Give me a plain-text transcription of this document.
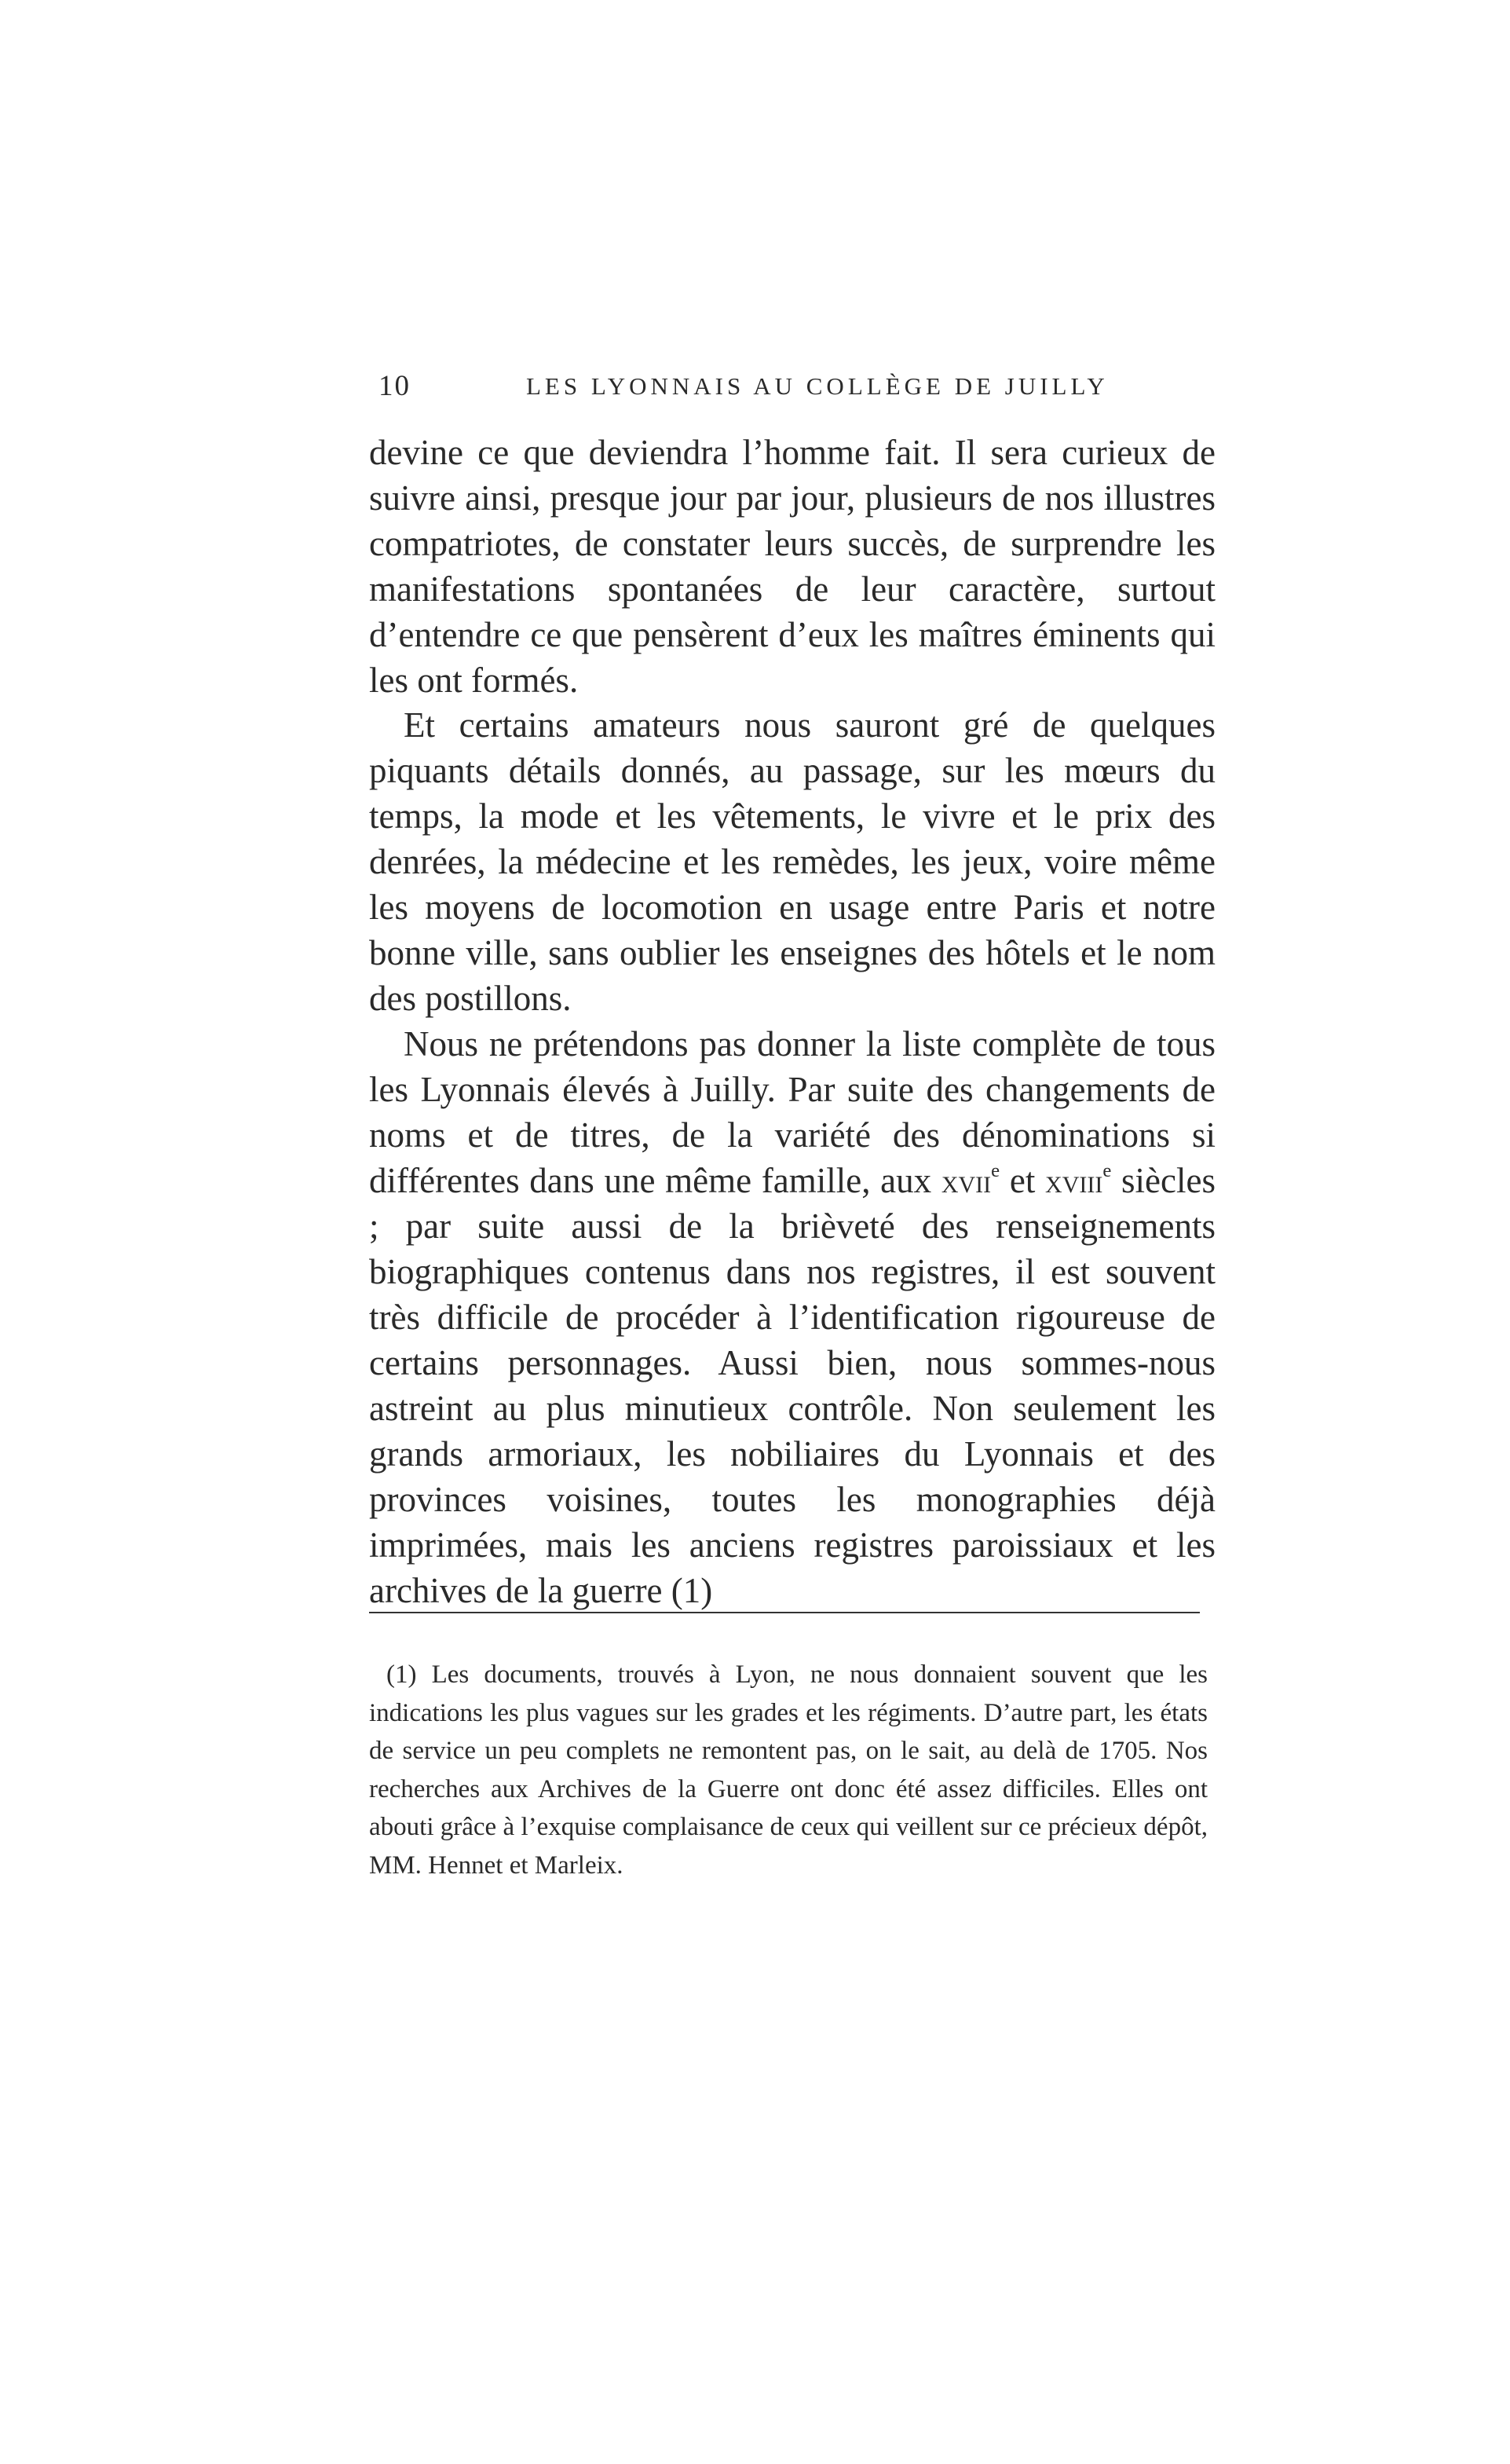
10	LES LYONNAIS AU COLLÈGE DE JUILLY

devine ce que deviendra l’homme fait. Il sera curieux de suivre ainsi, presque jour par jour, plusieurs de nos illustres compatriotes, de constater leurs succès, de surprendre les manifestations spontanées de leur caractère, surtout d’entendre ce que pensèrent d’eux les maîtres éminents qui les ont formés.

Et certains amateurs nous sauront gré de quelques piquants détails donnés, au passage, sur les mœurs du temps, la mode et les vêtements, le vivre et le prix des denrées, la médecine et les remèdes, les jeux, voire même les moyens de locomotion en usage entre Paris et notre bonne ville, sans oublier les enseignes des hôtels et le nom des postillons.

Nous ne prétendons pas donner la liste complète de tous les Lyonnais élevés à Juilly. Par suite des changements de noms et de titres, de la variété des dénominations si différentes dans une même famille, aux xvii$^e$ et xviii$^e$ siècles ; par suite aussi de la brièveté des renseignements biographiques contenus dans nos registres, il est souvent très difficile de procéder à l’identification rigoureuse de certains personnages. Aussi bien, nous sommes-nous astreint au plus minutieux contrôle. Non seulement les grands armoriaux, les nobiliaires du Lyonnais et des provinces voisines, toutes les monographies déjà imprimées, mais les anciens registres paroissiaux et les archives de la guerre (1)

(1) Les documents, trouvés à Lyon, ne nous donnaient souvent que les indications les plus vagues sur les grades et les régiments. D’autre part, les états de service un peu complets ne remontent pas, on le sait, au delà de 1705. Nos recherches aux Archives de la Guerre ont donc été assez difficiles. Elles ont abouti grâce à l’exquise complaisance de ceux qui veillent sur ce précieux dépôt, MM. Hennet et Marleix.
